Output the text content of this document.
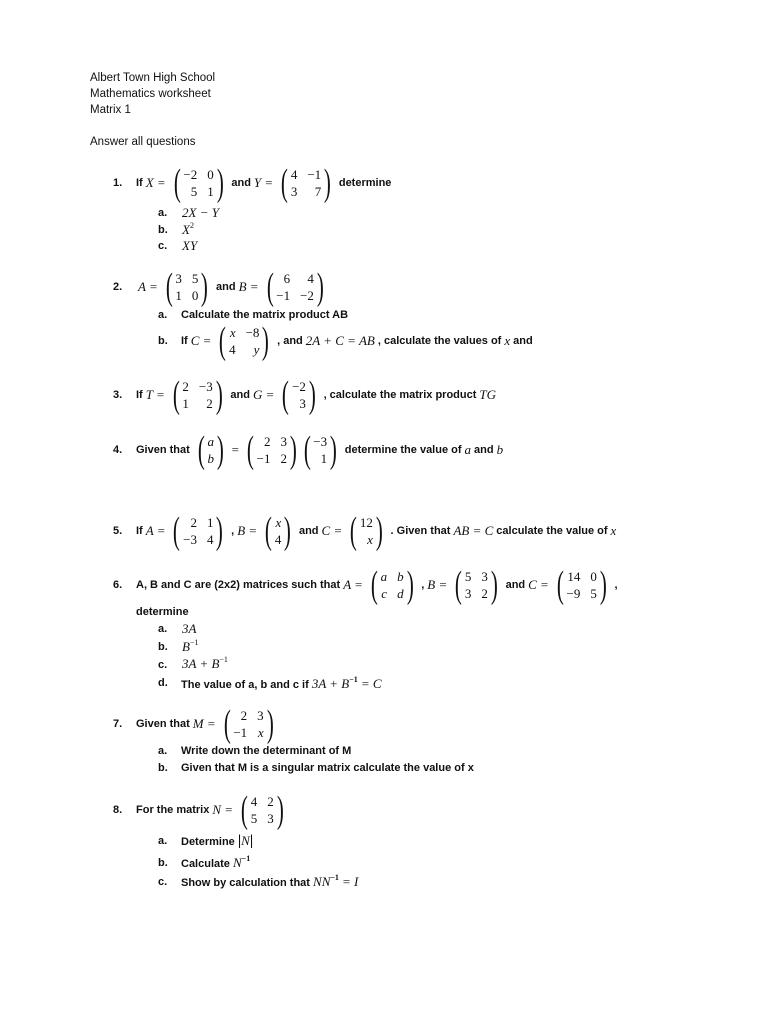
Albert Town High School
Mathematics worksheet
Matrix 1
Answer all questions
1. If X = ( −2 0
5 1 ) and Y = ( 4 −1
3	7 ) determine
a. 2X − Y
b. $X^2$
c. XY
2. A = ( 3 5
1 0 ) and B = ( 6	4
−1 −2 )
a. Calculate the matrix product AB
b. If C = ( x −8
4	y ) , and 2A + C = AB , calculate the values of x and
3. If T = ( 2 −3
1	2 ) and G = ( −2
3 ) , calculate the matrix product TG
4. Given that ( a
b ) = ( 2 3
−1 2 ) ( −3
1 ) determine the value of a and b
5. If A = ( 2 1
−3 4 ) , B = ( x
4 ) and C = ( 12
x ) . Given that AB = C calculate the value of x
6. A, B and C are (2x2) matrices such that A = ( a b
c d ) , B = ( 5 3
3 2 ) and C = ( 14 0
−9 5 ) ,
determine
a. 3A
b. $B^{-1}$
c. $3A + B^{-1}$
d. The value of a, b and c if $3A + B^{-1} = C$
7. Given that M = ( 2 3
−1 x )
a. Write down the determinant of M
b. Given that M is a singular matrix calculate the value of x
8. For the matrix N = ( 4 2
5 3 )
a. Determine |N|
b. Calculate $N^{-1}$
c. Show by calculation that $NN^{-1} = I$
